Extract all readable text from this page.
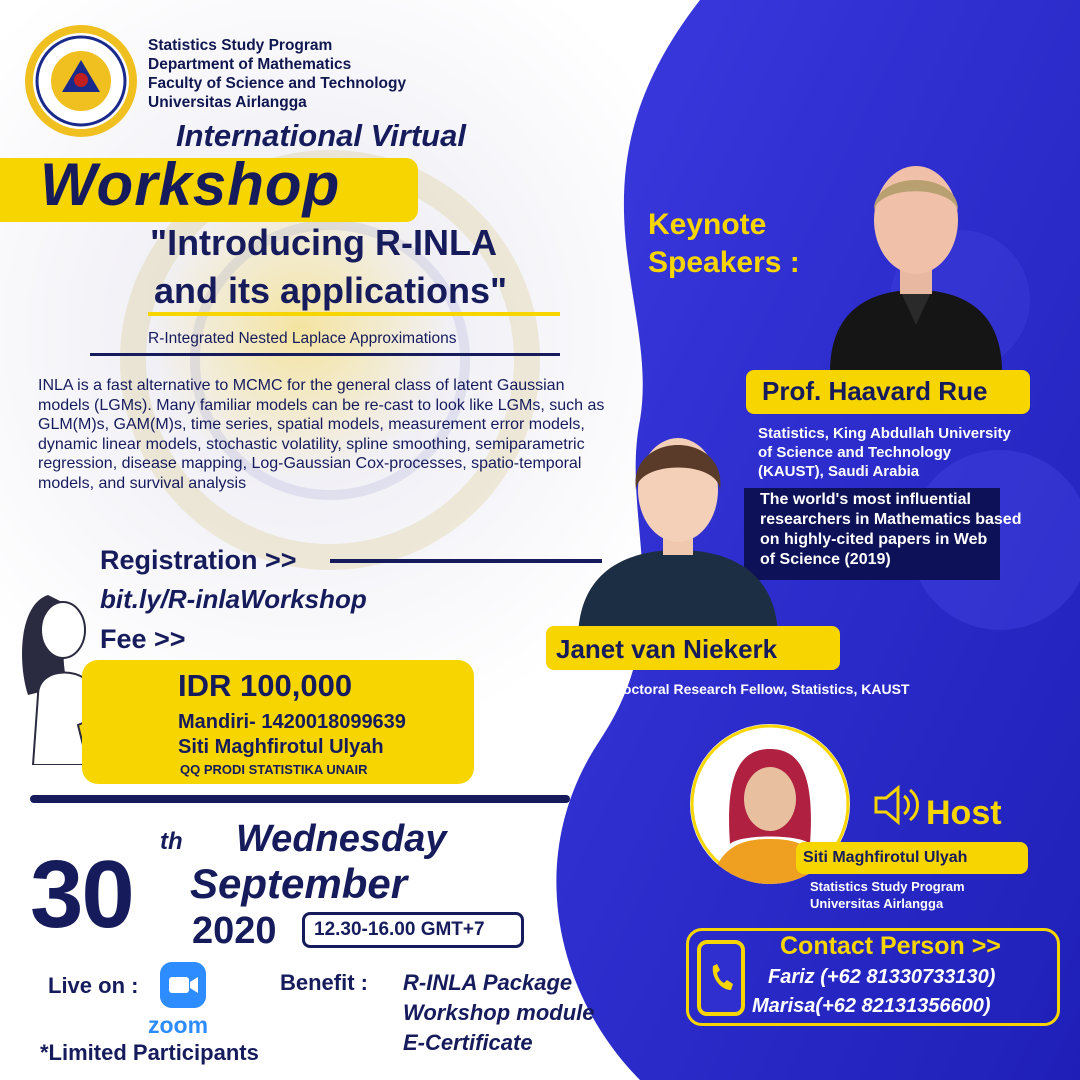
Statistics Study Program
Department of Mathematics
Faculty of Science and Technology
Universitas Airlangga
International Virtual
Workshop
"Introducing R-INLA
and its applications"
R-Integrated Nested Laplace Approximations
INLA is a fast alternative to MCMC for the general class of latent Gaussian models (LGMs). Many familiar models can be re-cast to look like LGMs, such as GLM(M)s, GAM(M)s, time series, spatial models, measurement error models, dynamic linear models, stochastic volatility, spline smoothing, semiparametric regression, disease mapping, Log-Gaussian Cox-processes, spatio-temporal models, and survival analysis
Registration >>
bit.ly/R-inlaWorkshop
Fee >>
IDR 100,000
Mandiri- 1420018099639
Siti Maghfirotul Ulyah
QQ PRODI STATISTIKA UNAIR
30 th Wednesday
September
2020 12.30-16.00 GMT+7
Live on :
zoom
*Limited Participants
Benefit : R-INLA Package
Workshop module
E-Certificate
Keynote
Speakers :
Prof. Haavard Rue
Statistics, King Abdullah University
of Science and Technology
(KAUST), Saudi Arabia
The world's most influential
researchers in Mathematics based
on highly-cited papers in Web
of Science (2019)
Janet van Niekerk
Postdoctoral Research Fellow, Statistics, KAUST
Host
Siti Maghfirotul Ulyah
Statistics Study Program
Universitas Airlangga
Contact Person >>
Fariz (+62 81330733130)
Marisa(+62 82131356600)
